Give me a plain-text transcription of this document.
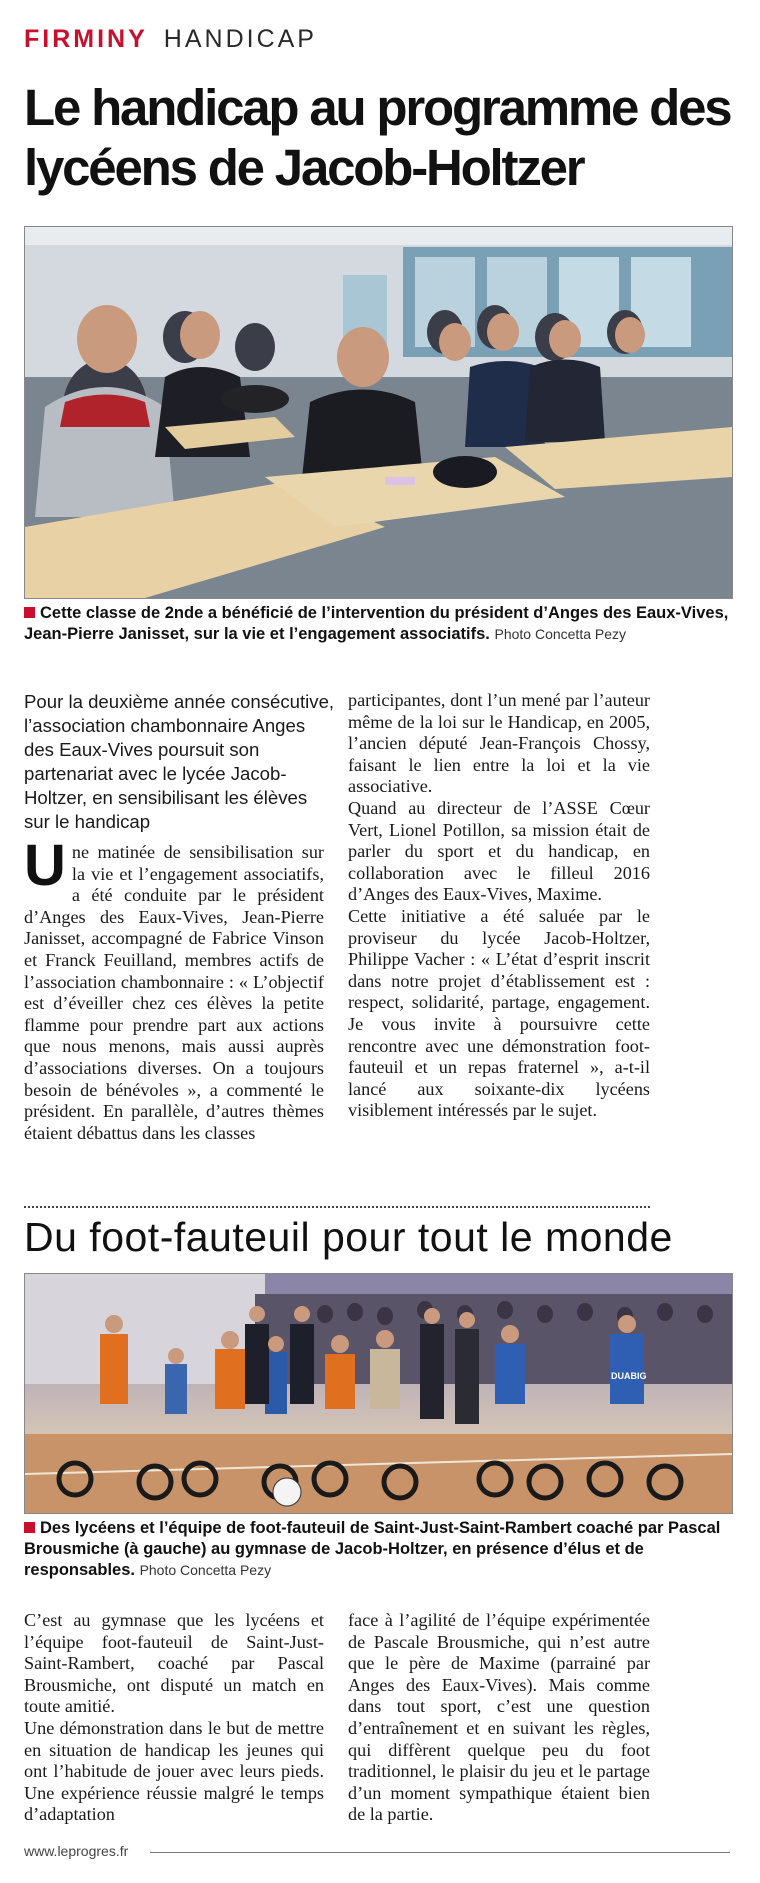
FIRMINY HANDICAP
Le handicap au programme des lycéens de Jacob-Holtzer
Cette classe de 2nde a bénéficié de l’intervention du président d’Anges des Eaux-Vives, Jean-Pierre Janisset, sur la vie et l’engagement associatifs. Photo Concetta Pezy
Pour la deuxième année consécutive, l’association chambonnaire Anges des Eaux-Vives poursuit son partenariat avec le lycée Jacob-Holtzer, en sensibilisant les élèves sur le handicap
U ne matinée de sensibilisation sur la vie et l’engagement associatifs, a été conduite par le président d’Anges des Eaux-Vives, Jean-Pierre Janisset, accompagné de Fabrice Vinson et Franck Feuilland, membres actifs de l’association chambonnaire : « L’objectif est d’éveiller chez ces élèves la petite flamme pour prendre part aux actions que nous menons, mais aussi auprès d’associations diverses. On a toujours besoin de bénévoles », a commenté le président. En parallèle, d’autres thèmes étaient débattus dans les classes

participantes, dont l’un mené par l’auteur même de la loi sur le Handicap, en 2005, l’ancien député Jean-François Chossy, faisant le lien entre la loi et la vie associative.

Quand au directeur de l’ASSE Cœur Vert, Lionel Potillon, sa mission était de parler du sport et du handicap, en collaboration avec le filleul 2016 d’Anges des Eaux-Vives, Maxime.

Cette initiative a été saluée par le proviseur du lycée Jacob-Holtzer, Philippe Vacher : « L’état d’esprit inscrit dans notre projet d’établissement est : respect, solidarité, partage, engagement. Je vous invite à poursuivre cette rencontre avec une démonstration foot-fauteuil et un repas fraternel », a-t-il lancé aux soixante-dix lycéens visiblement intéressés par le sujet.

Du foot-fauteuil pour tout le monde
DUABIG
Des lycéens et l’équipe de foot-fauteuil de Saint-Just-Saint-Rambert coaché par Pascal Brousmiche (à gauche) au gymnase de Jacob-Holtzer, en présence d’élus et de responsables. Photo Concetta Pezy

C’est au gymnase que les lycéens et l’équipe foot-fauteuil de Saint-Just-Saint-Rambert, coaché par Pascal Brousmiche, ont disputé un match en toute amitié.

Une démonstration dans le but de mettre en situation de handicap les jeunes qui ont l’habitude de jouer avec leurs pieds. Une expérience réussie malgré le temps d’adaptation

face à l’agilité de l’équipe expérimentée de Pascale Brousmiche, qui n’est autre que le père de Maxime (parrainé par Anges des Eaux-Vives). Mais comme dans tout sport, c’est une question d’entraînement et en suivant les règles, qui diffèrent quelque peu du foot traditionnel, le plaisir du jeu et le partage d’un moment sympathique étaient bien de la partie.

www.leprogres.fr
